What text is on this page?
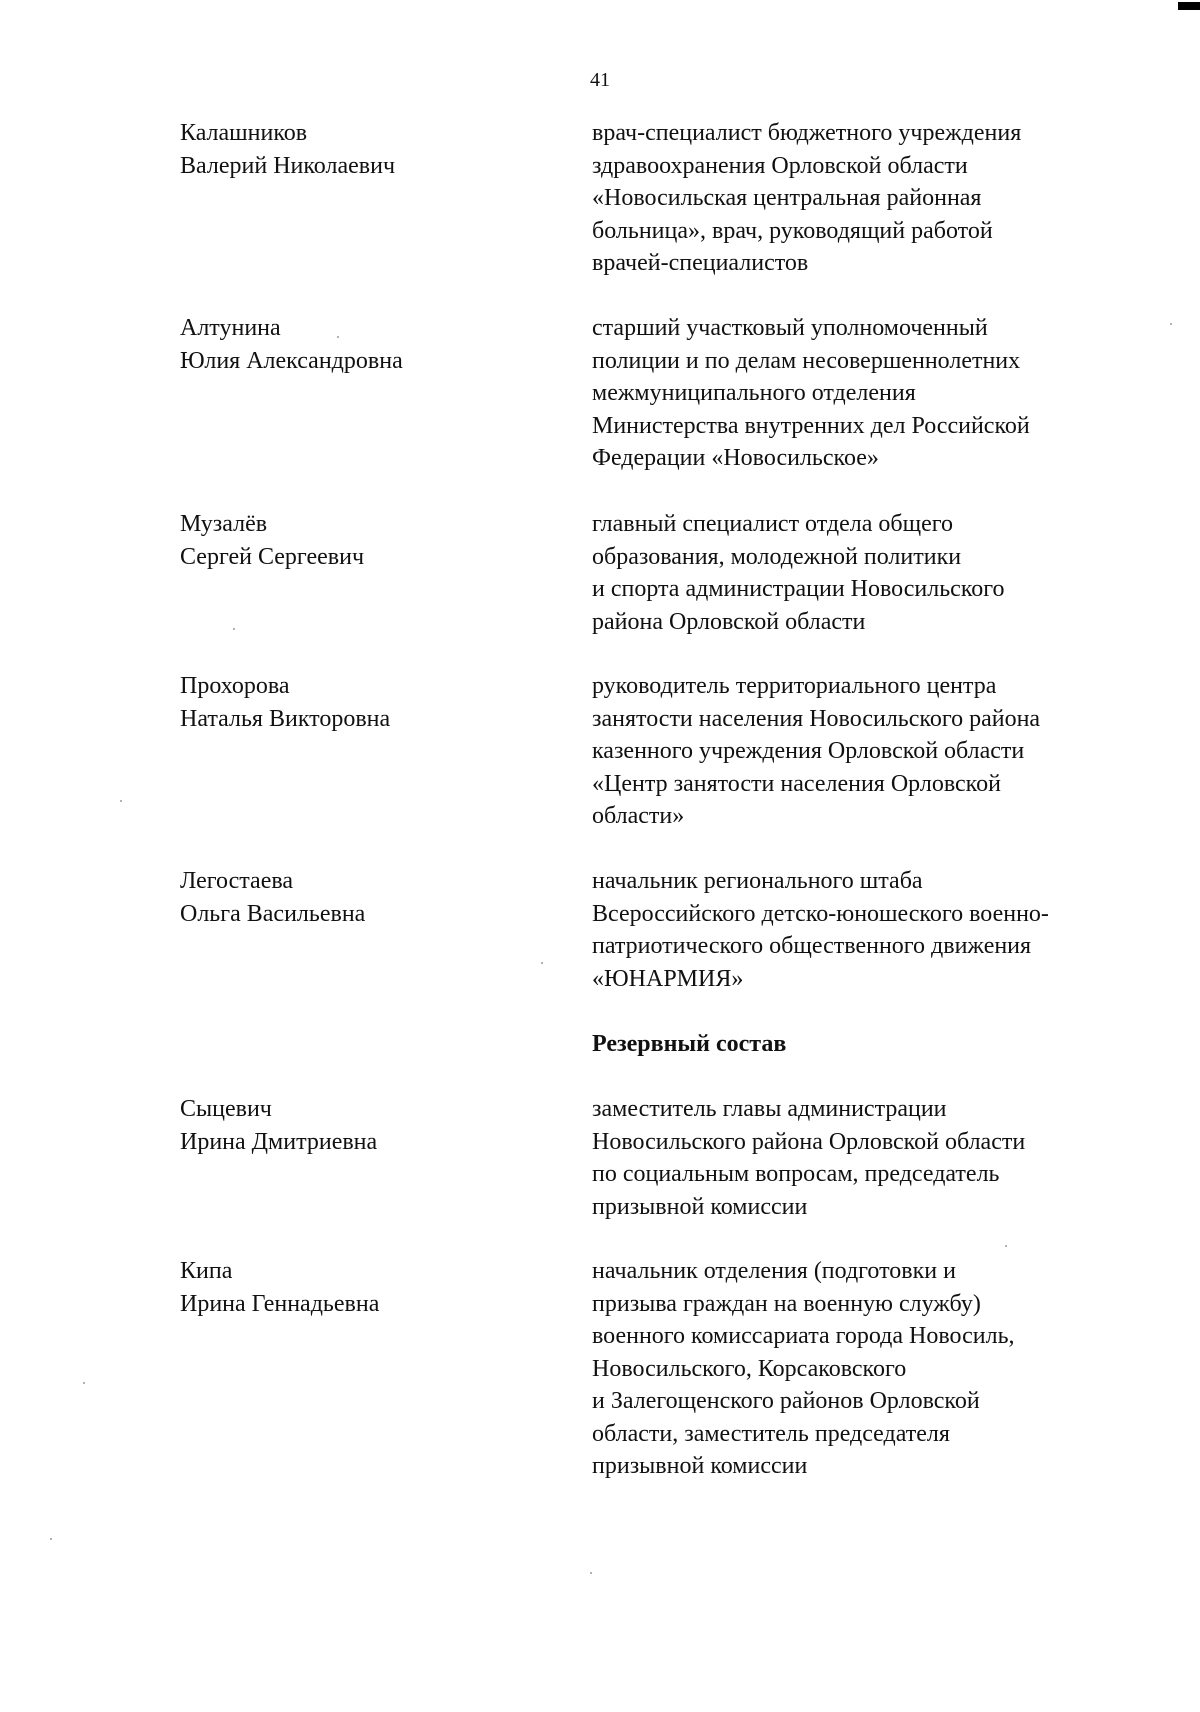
41
Калашников
Валерий Николаевич
врач-специалист бюджетного учреждения
здравоохранения Орловской области
«Новосильская центральная районная
больница», врач, руководящий работой
врачей-специалистов
Алтунина
Юлия Александровна
старший участковый уполномоченный
полиции и по делам несовершеннолетних
межмуниципального отделения
Министерства внутренних дел Российской
Федерации «Новосильское»
Музалёв
Сергей Сергеевич
главный специалист отдела общего
образования, молодежной политики
и спорта администрации Новосильского
района Орловской области
Прохорова
Наталья Викторовна
руководитель территориального центра
занятости населения Новосильского района
казенного учреждения Орловской области
«Центр занятости населения Орловской
области»
Легостаева
Ольга Васильевна
начальник регионального штаба
Всероссийского детско-юношеского военно-
патриотического общественного движения
«ЮНАРМИЯ»
Резервный состав
Сыцевич
Ирина Дмитриевна
заместитель главы администрации
Новосильского района Орловской области
по социальным вопросам, председатель
призывной комиссии
Кипа
Ирина Геннадьевна
начальник отделения (подготовки и
призыва граждан на военную службу)
военного комиссариата города Новосиль,
Новосильского, Корсаковского
и Залегощенского районов Орловской
области, заместитель председателя
призывной комиссии
